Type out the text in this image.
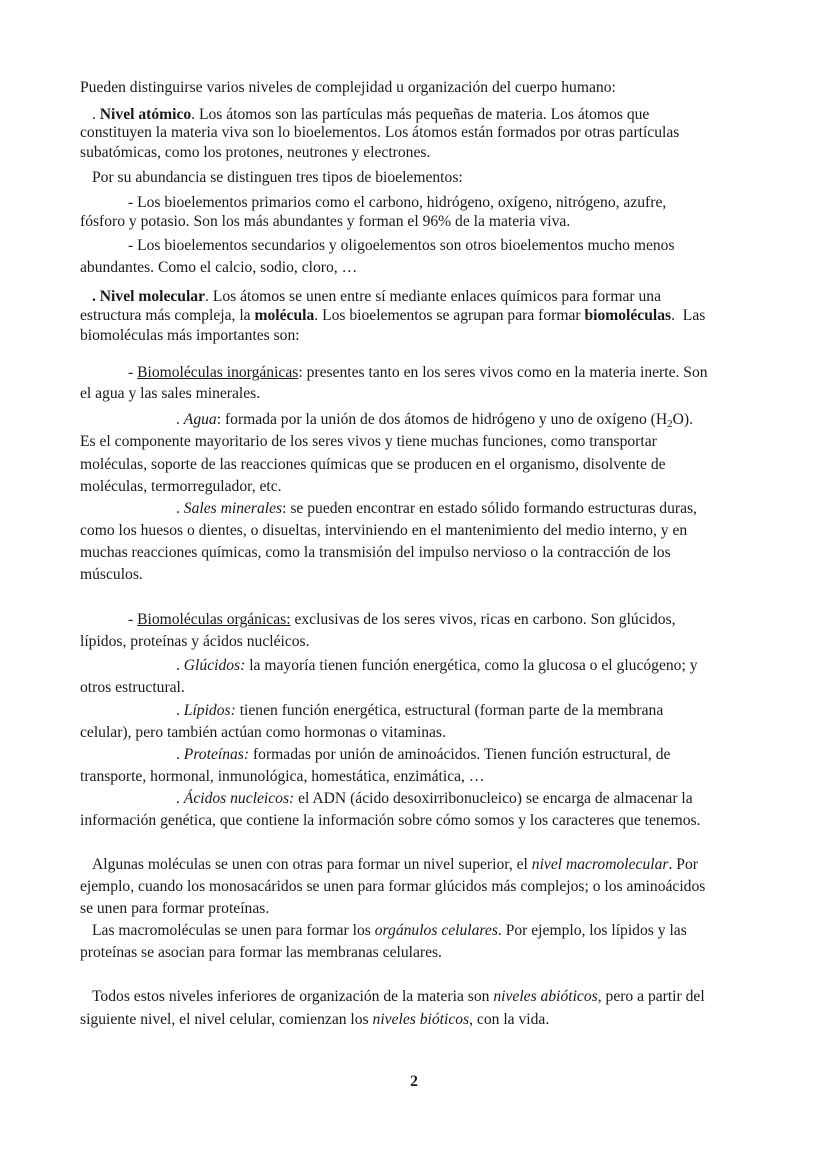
Pueden distinguirse varios niveles de complejidad u organización del cuerpo humano:
. Nivel atómico. Los átomos son las partículas más pequeñas de materia. Los átomos que
constituyen la materia viva son lo bioelementos. Los átomos están formados por otras partículas
subatómicas, como los protones, neutrones y electrones.
Por su abundancia se distinguen tres tipos de bioelementos:
- Los bioelementos primarios como el carbono, hidrógeno, oxígeno, nitrógeno, azufre,
fósforo y potasio. Son los más abundantes y forman el 96% de la materia viva.
- Los bioelementos secundarios y oligoelementos son otros bioelementos mucho menos
abundantes. Como el calcio, sodio, cloro, …
. Nivel molecular. Los átomos se unen entre sí mediante enlaces químicos para formar una
estructura más compleja, la molécula. Los bioelementos se agrupan para formar biomoléculas.  Las
biomoléculas más importantes son:
- Biomoléculas inorgánicas: presentes tanto en los seres vivos como en la materia inerte. Son
el agua y las sales minerales.
. Agua: formada por la unión de dos átomos de hidrógeno y uno de oxígeno $(H_2O)$.
Es el componente mayoritario de los seres vivos y tiene muchas funciones, como transportar
moléculas, soporte de las reacciones químicas que se producen en el organismo, disolvente de
moléculas, termorregulador, etc.
. Sales minerales: se pueden encontrar en estado sólido formando estructuras duras,
como los huesos o dientes, o disueltas, interviniendo en el mantenimiento del medio interno, y en
muchas reacciones químicas, como la transmisión del impulso nervioso o la contracción de los
músculos.
- Biomoléculas orgánicas: exclusivas de los seres vivos, ricas en carbono. Son glúcidos,
lípidos, proteínas y ácidos nucléicos.
. Glúcidos: la mayoría tienen función energética, como la glucosa o el glucógeno; y
otros estructural.
. Lípidos: tienen función energética, estructural (forman parte de la membrana
celular), pero también actúan como hormonas o vitaminas.
. Proteínas: formadas por unión de aminoácidos. Tienen función estructural, de
transporte, hormonal, inmunológica, homestática, enzimática, …
. Ácidos nucleicos: el ADN (ácido desoxirribonucleico) se encarga de almacenar la
información genética, que contiene la información sobre cómo somos y los caracteres que tenemos.
Algunas moléculas se unen con otras para formar un nivel superior, el nivel macromolecular. Por
ejemplo, cuando los monosacáridos se unen para formar glúcidos más complejos; o los aminoácidos
se unen para formar proteínas.
Las macromoléculas se unen para formar los orgánulos celulares. Por ejemplo, los lípidos y las
proteínas se asocian para formar las membranas celulares.
Todos estos niveles inferiores de organización de la materia son niveles abióticos, pero a partir del
siguiente nivel, el nivel celular, comienzan los niveles bióticos, con la vida.
2
